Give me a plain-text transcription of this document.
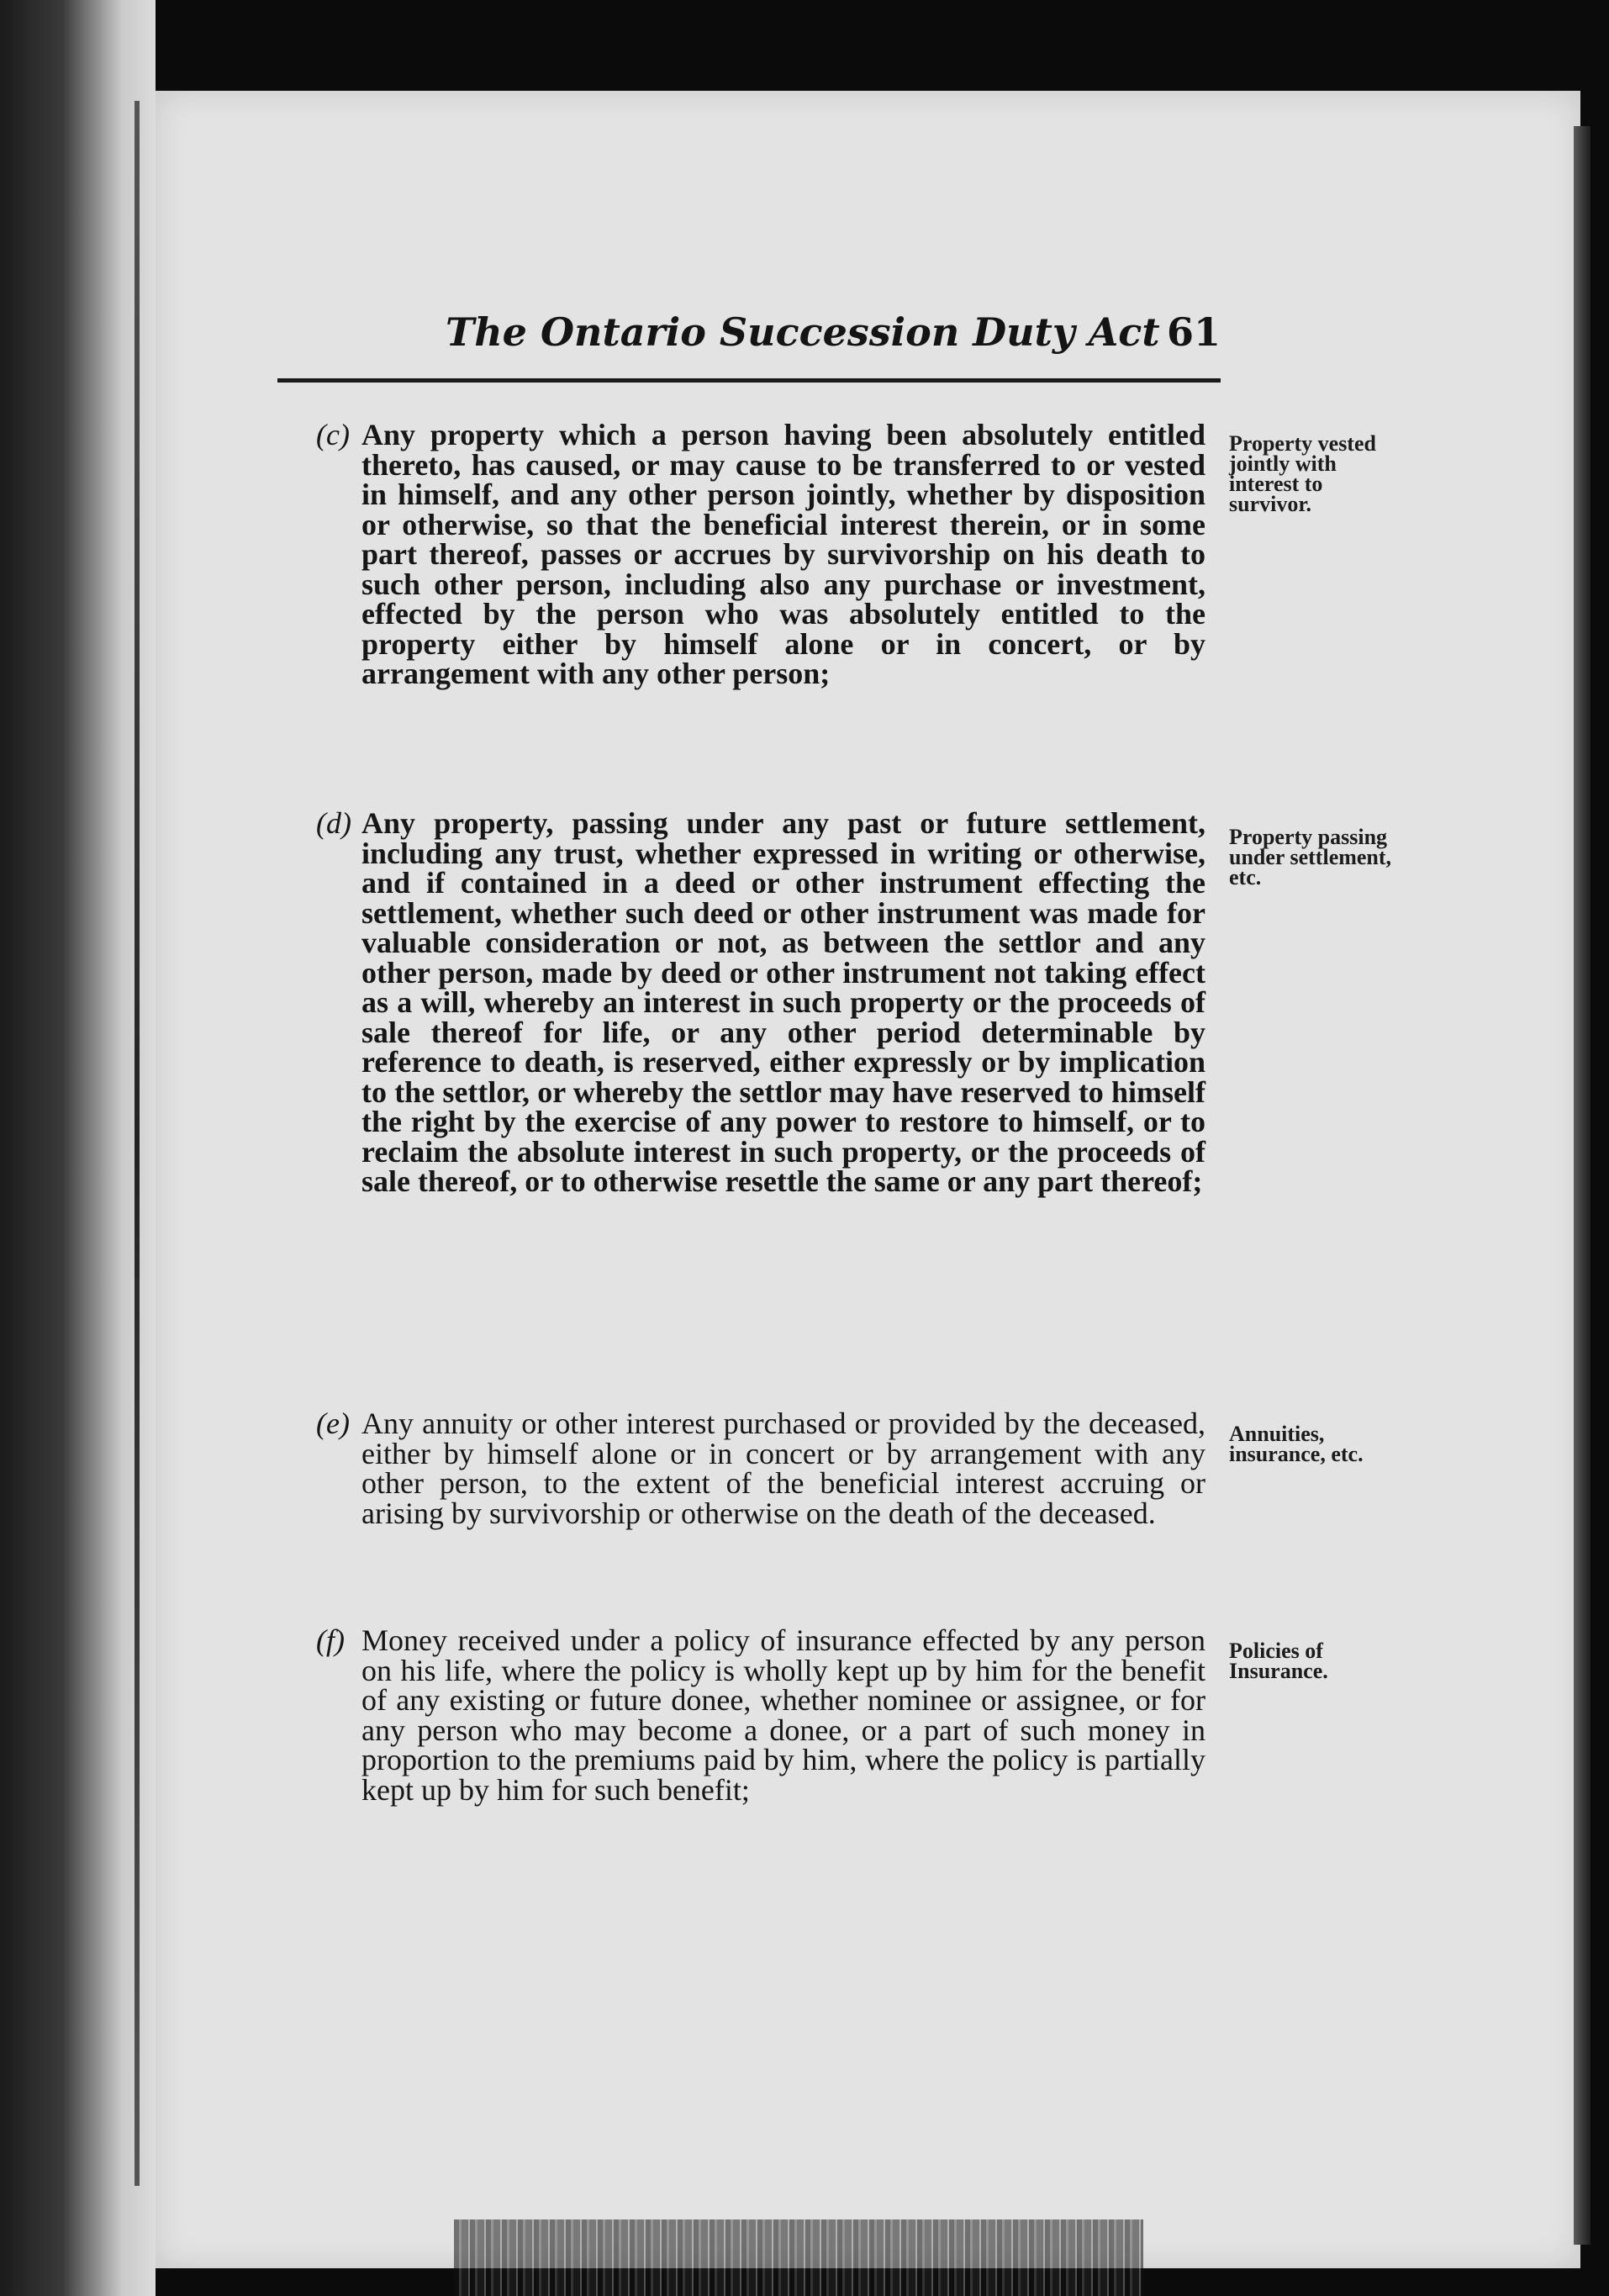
The Ontario Succession Duty Act 61
(c) Any property which a person having been absolutely entitled thereto, has caused, or may cause to be transferred to or vested in himself, and any other person jointly, whether by disposition or otherwise, so that the beneficial interest therein, or in some part thereof, passes or accrues by survivorship on his death to such other person, including also any purchase or investment, effected by the person who was absolutely entitled to the property either by himself alone or in concert, or by arrangement with any other person;
Property vested jointly with interest to survivor.
(d) Any property, passing under any past or future settlement, including any trust, whether expressed in writing or otherwise, and if contained in a deed or other instrument effecting the settlement, whether such deed or other instrument was made for valuable consideration or not, as between the settlor and any other person, made by deed or other instrument not taking effect as a will, whereby an interest in such property or the proceeds of sale thereof for life, or any other period determinable by reference to death, is reserved, either expressly or by implication to the settlor, or whereby the settlor may have reserved to himself the right by the exercise of any power to restore to himself, or to reclaim the absolute interest in such property, or the proceeds of sale thereof, or to otherwise resettle the same or any part thereof;
Property passing under settlement, etc.
(e) Any annuity or other interest purchased or provided by the deceased, either by himself alone or in concert or by arrangement with any other person, to the extent of the beneficial interest accruing or arising by survivorship or otherwise on the death of the deceased.
Annuities, insurance, etc.
(f) Money received under a policy of insurance effected by any person on his life, where the policy is wholly kept up by him for the benefit of any existing or future donee, whether nominee or assignee, or for any person who may become a donee, or a part of such money in proportion to the premiums paid by him, where the policy is partially kept up by him for such benefit;
Policies of Insurance.
